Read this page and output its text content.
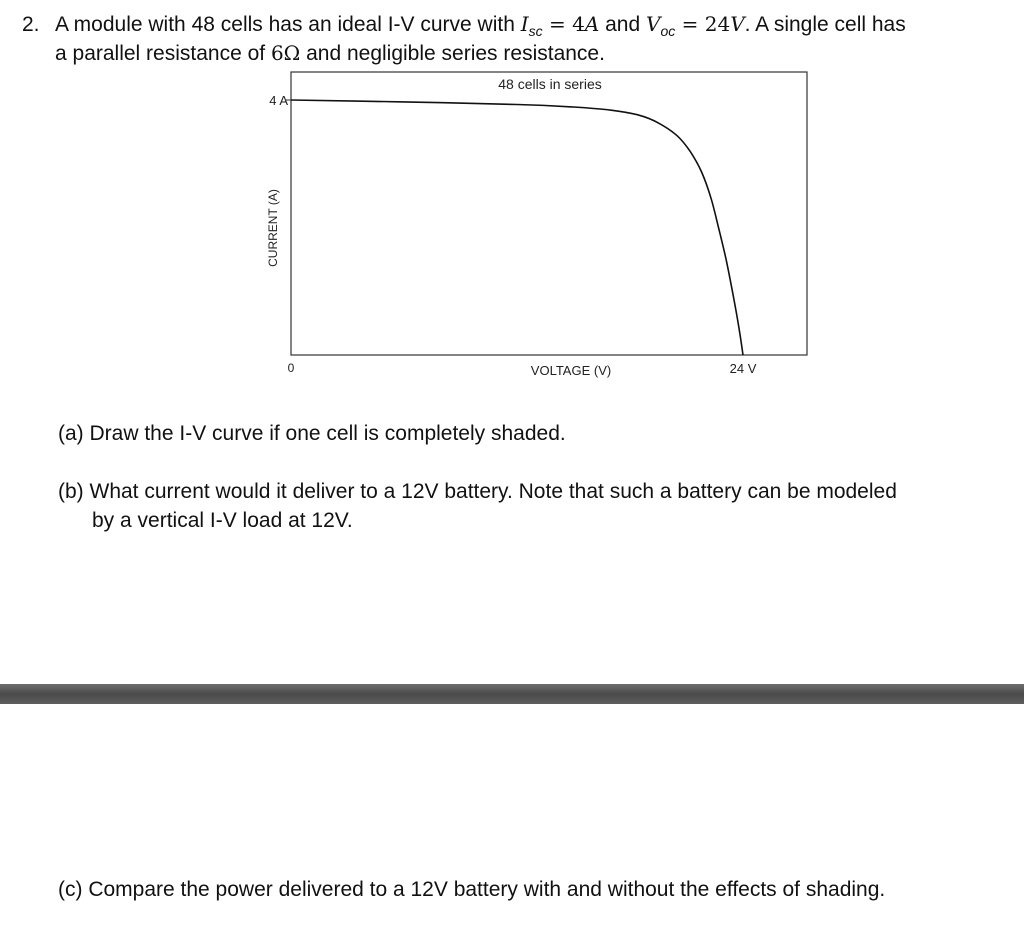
2. A module with 48 cells has an ideal I-V curve with $I_{sc} = 4A$ and $V_{oc} = 24V$. A single cell has
a parallel resistance of 6Ω and negligible series resistance.
48 cells in series
4 A
CURRENT (A)
0	VOLTAGE (V)	24 V
(a) Draw the I-V curve if one cell is completely shaded.
(b) What current would it deliver to a 12V battery. Note that such a battery can be modeled
by a vertical I-V load at 12V.
(c) Compare the power delivered to a 12V battery with and without the effects of shading.
